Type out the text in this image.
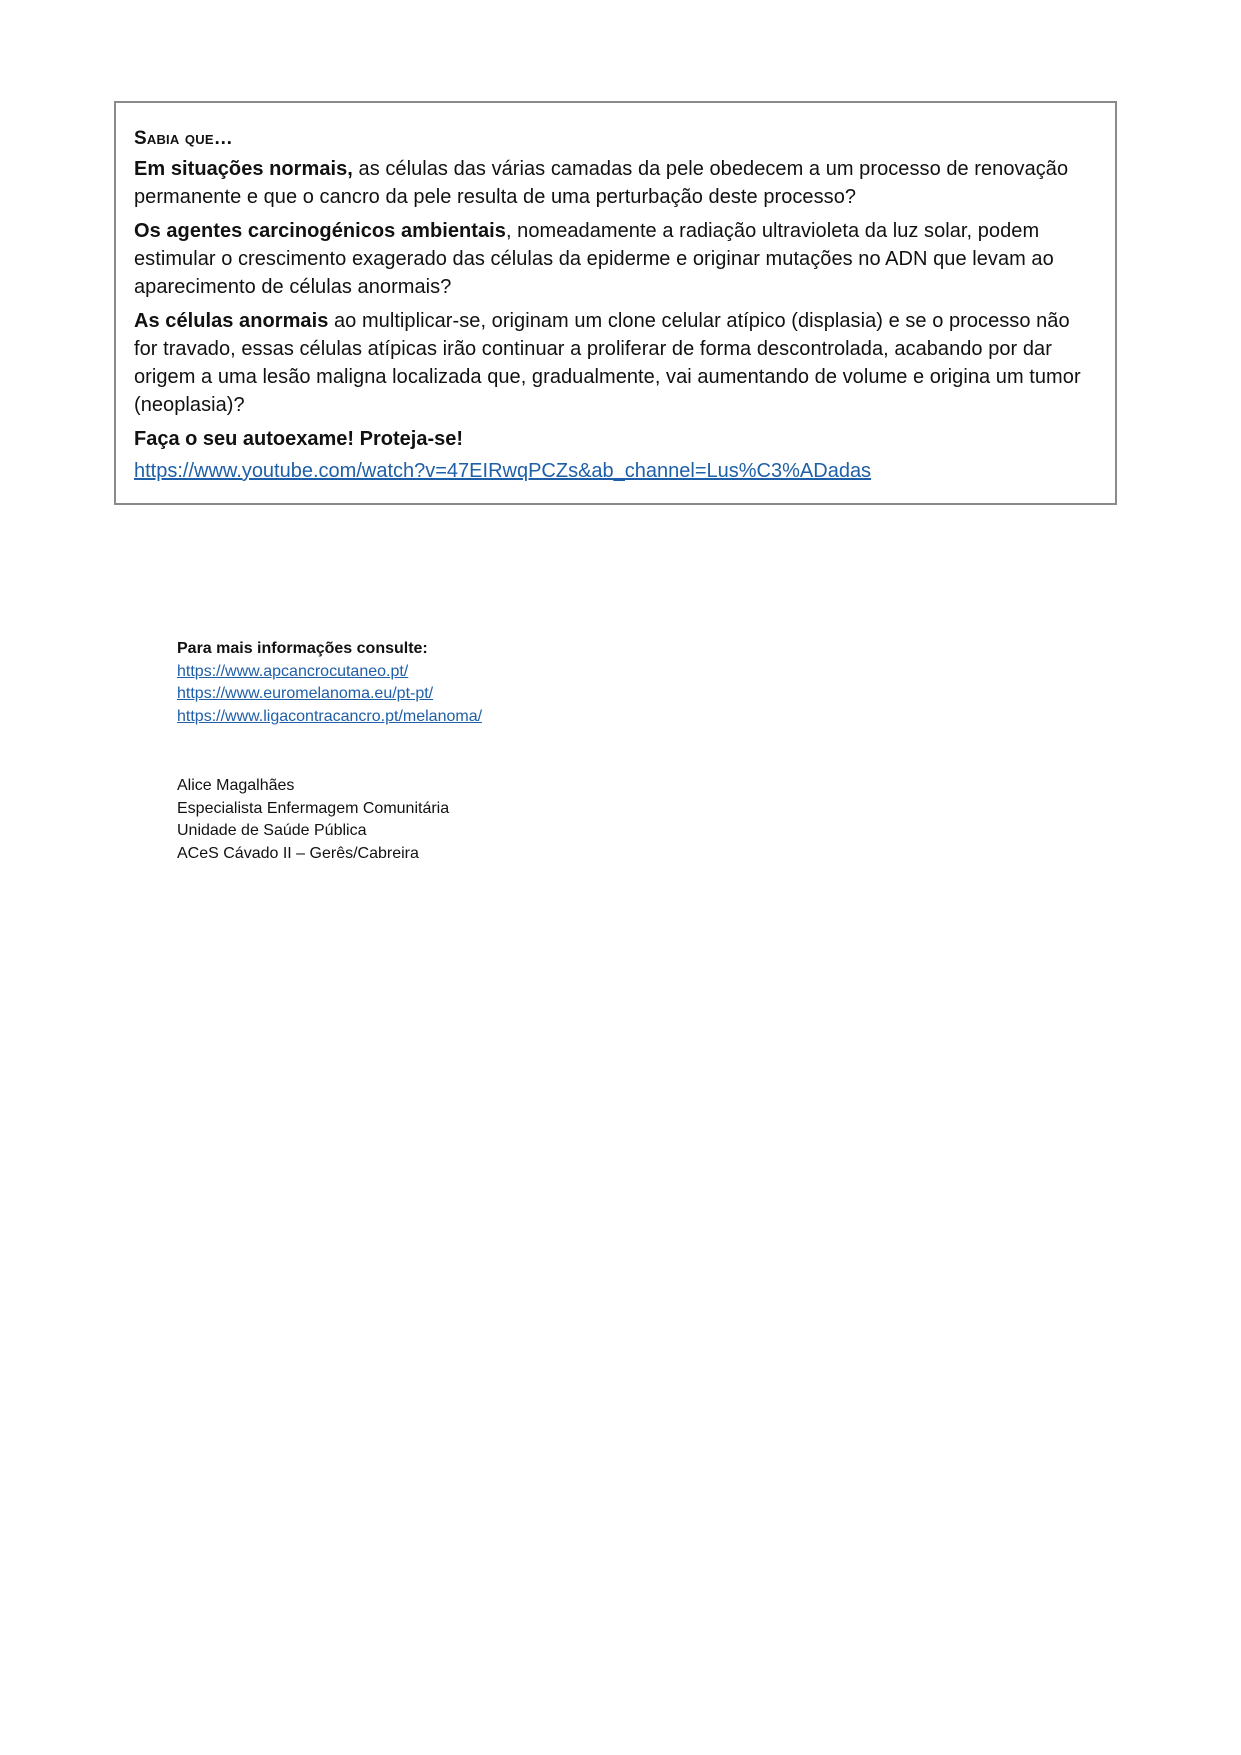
Sabia que…

Em situações normais, as células das várias camadas da pele obedecem a um processo de renovação permanente e que o cancro da pele resulta de uma perturbação deste processo?

Os agentes carcinogénicos ambientais, nomeadamente a radiação ultravioleta da luz solar, podem estimular o crescimento exagerado das células da epiderme e originar mutações no ADN que levam ao aparecimento de células anormais?

As células anormais ao multiplicar-se, originam um clone celular atípico (displasia) e se o processo não for travado, essas células atípicas irão continuar a proliferar de forma descontrolada, acabando por dar origem a uma lesão maligna localizada que, gradualmente, vai aumentando de volume e origina um tumor (neoplasia)?

Faça o seu autoexame! Proteja-se!
https://www.youtube.com/watch?v=47EIRwqPCZs&ab_channel=Lus%C3%ADadas
Para mais informações consulte:
https://www.apcancrocutaneo.pt/
https://www.euromelanoma.eu/pt-pt/
https://www.ligacontracancro.pt/melanoma/
Alice Magalhães
Especialista Enfermagem Comunitária
Unidade de Saúde Pública
ACeS Cávado II – Gerês/Cabreira
